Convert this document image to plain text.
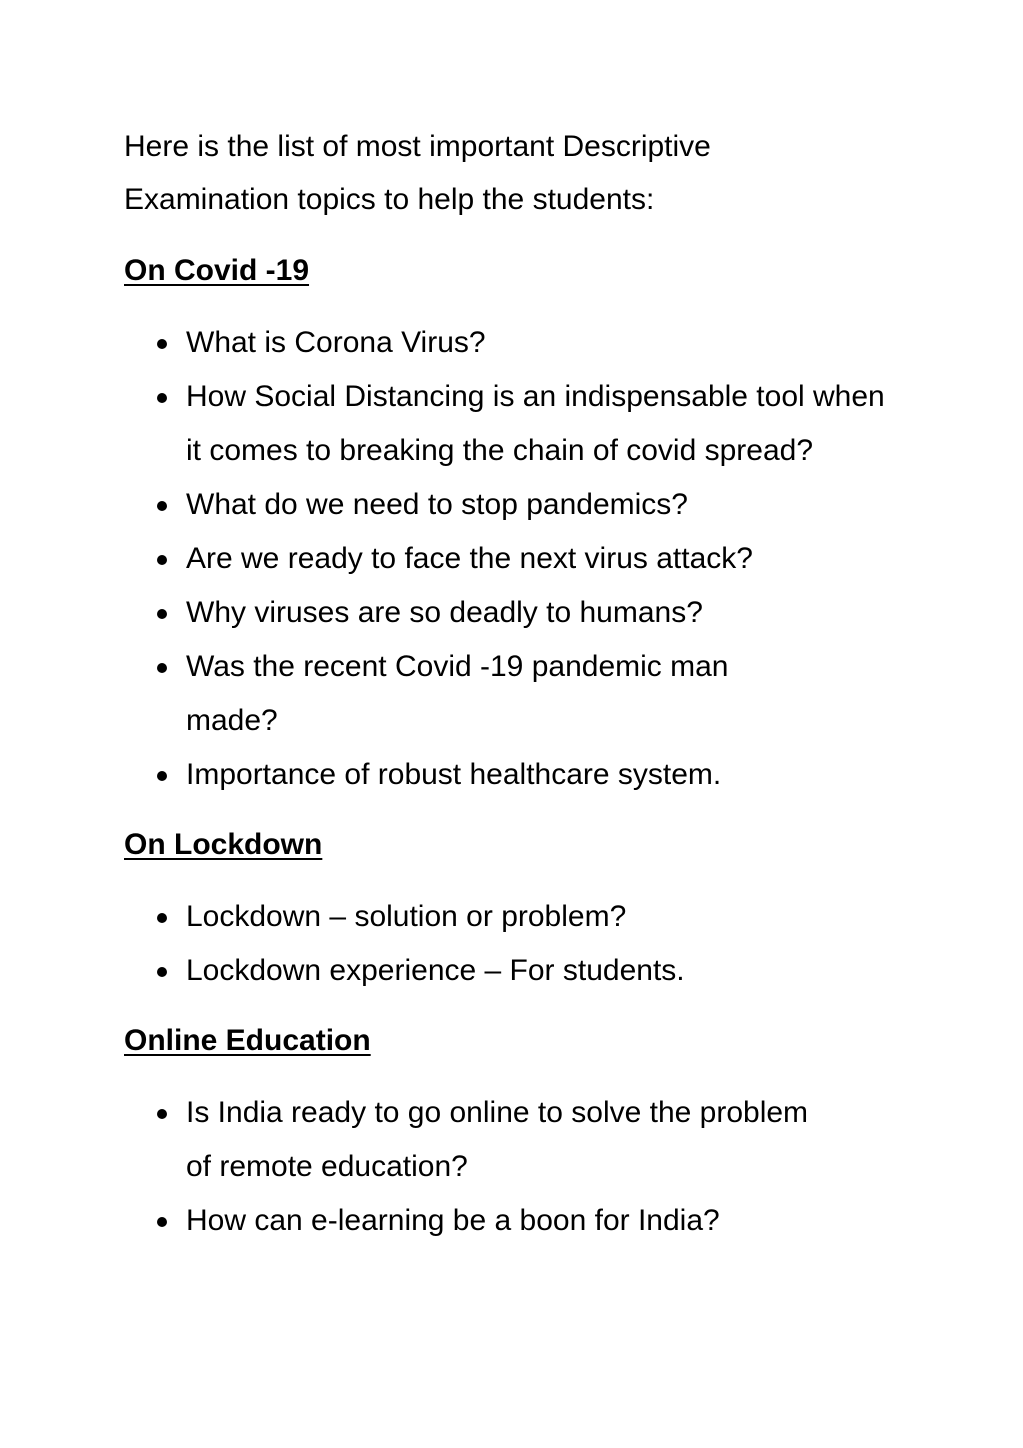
Here is the list of most important Descriptive
Examination topics to help the students:

On Covid -19
What is Corona Virus?
How Social Distancing is an indispensable tool when it comes to breaking the chain of covid spread?
What do we need to stop pandemics?
Are we ready to face the next virus attack?
Why viruses are so deadly to humans?
Was the recent Covid -19 pandemic man made?
Importance of robust healthcare system.
On Lockdown
Lockdown – solution or problem?
Lockdown experience – For students.
Online Education
Is India ready to go online to solve the problem of remote education?
How can e-learning be a boon for India?
